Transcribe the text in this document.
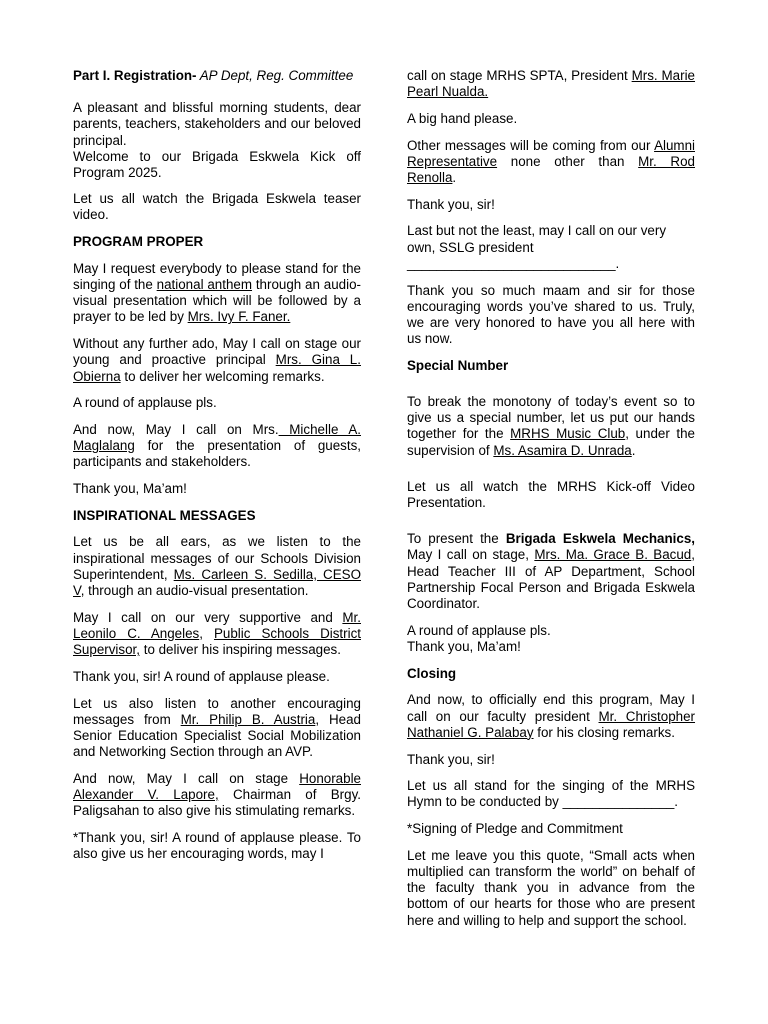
Part I. Registration- AP Dept, Reg. Committee

A pleasant and blissful morning students, dear parents, teachers, stakeholders and our beloved principal.
Welcome to our Brigada Eskwela Kick off Program 2025.

Let us all watch the Brigada Eskwela teaser video.

PROGRAM PROPER

May I request everybody to please stand for the singing of the national anthem through an audio-visual presentation which will be followed by a prayer to be led by Mrs. Ivy F. Faner.

Without any further ado, May I call on stage our young and proactive principal Mrs. Gina L. Obierna to deliver her welcoming remarks.

A round of applause pls.

And now, May I call on Mrs. Michelle A. Maglalang for the presentation of guests, participants and stakeholders.

Thank you, Ma’am!

INSPIRATIONAL MESSAGES

Let us be all ears, as we listen to the inspirational messages of our Schools Division Superintendent, Ms. Carleen S. Sedilla, CESO V, through an audio-visual presentation.

May I call on our very supportive and Mr. Leonilo C. Angeles, Public Schools District Supervisor, to deliver his inspiring messages.

Thank you, sir! A round of applause please.

Let us also listen to another encouraging messages from Mr. Philip B. Austria, Head Senior Education Specialist Social Mobilization and Networking Section through an AVP.

And now, May I call on stage Honorable Alexander V. Lapore, Chairman of Brgy. Paligsahan to also give his stimulating remarks.

*Thank you, sir! A round of applause please. To also give us her encouraging words, may I

call on stage MRHS SPTA, President Mrs. Marie Pearl Nualda.

A big hand please.

Other messages will be coming from our Alumni Representative none other than Mr. Rod Renolla.

Thank you, sir!

Last but not the least, may I call on our very own, SSLG president
____________________________.

Thank you so much maam and sir for those encouraging words you’ve shared to us. Truly, we are very honored to have you all here with us now.

Special Number

To break the monotony of today’s event so to give us a special number, let us put our hands together for the MRHS Music Club, under the supervision of Ms. Asamira D. Unrada.

Let us all watch the MRHS Kick-off Video Presentation.

To present the Brigada Eskwela Mechanics, May I call on stage, Mrs. Ma. Grace B. Bacud, Head Teacher III of AP Department, School Partnership Focal Person and Brigada Eskwela Coordinator.

A round of applause pls.
Thank you, Ma’am!

Closing

And now, to officially end this program, May I call on our faculty president Mr. Christopher Nathaniel G. Palabay for his closing remarks.

Thank you, sir!

Let us all stand for the singing of the MRHS Hymn to be conducted by _______________.

*Signing of Pledge and Commitment

Let me leave you this quote, “Small acts when multiplied can transform the world” on behalf of the faculty thank you in advance from the bottom of our hearts for those who are present here and willing to help and support the school.
